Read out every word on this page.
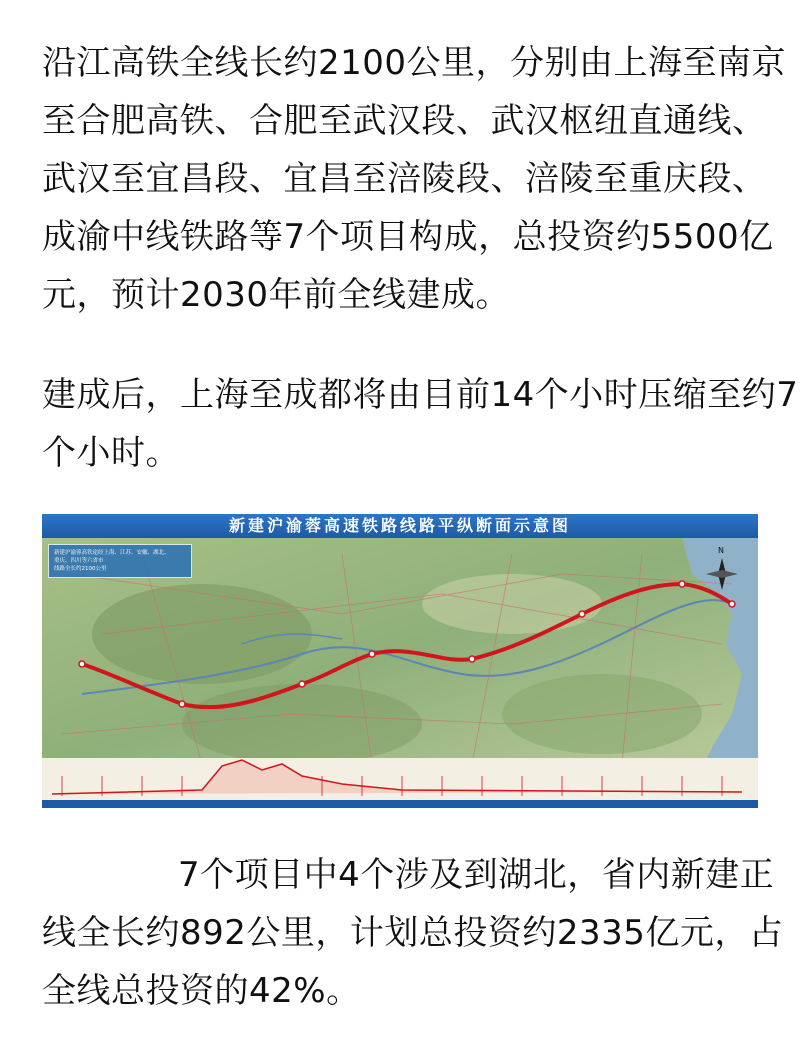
沿江高铁全线长约2100公里，分别由上海至南京
至合肥高铁、合肥至武汉段、武汉枢纽直通线、
武汉至宜昌段、宜昌至涪陵段、涪陵至重庆段、
成渝中线铁路等7个项目构成，总投资约5500亿
元，预计2030年前全线建成。
建成后，上海至成都将由目前14个小时压缩至约7
个小时。
新建沪渝蓉高速铁路线路平纵断面示意图
新建沪渝蓉高铁途经上海、江苏、安徽、湖北、
重庆、四川等六省市
线路全长约2100公里
N
7个项目中4个涉及到湖北，省内新建正
线全长约892公里，计划总投资约2335亿元，占
全线总投资的42%。
